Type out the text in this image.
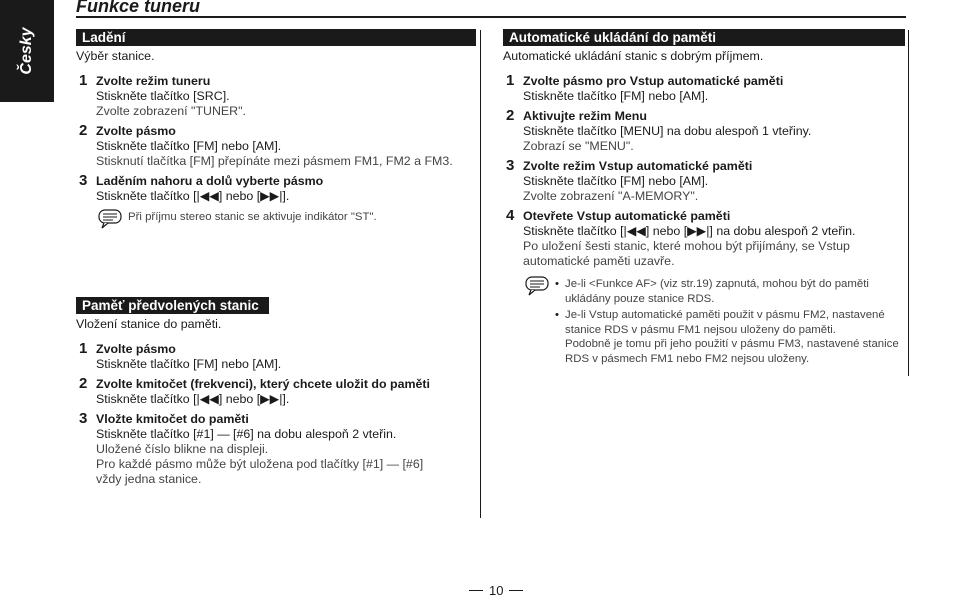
Česky
Funkce tuneru
Ladění
Výběr stanice.
1 Zvolte režim tuneru
Stiskněte tlačítko [SRC].
Zvolte zobrazení "TUNER".
2 Zvolte pásmo
Stiskněte tlačítko [FM] nebo [AM].
Stisknutí tlačítka [FM] přepínáte mezi pásmem FM1, FM2 a FM3.
3 Laděním nahoru a dolů vyberte pásmo
Stiskněte tlačítko [|◀◀] nebo [▶▶|].
Při příjmu stereo stanic se aktivuje indikátor "ST".
Paměť předvolených stanic
Vložení stanice do paměti.
1 Zvolte pásmo
Stiskněte tlačítko [FM] nebo [AM].
2 Zvolte kmitočet (frekvenci), který chcete uložit do paměti
Stiskněte tlačítko [|◀◀] nebo [▶▶|].
3 Vložte kmitočet do paměti
Stiskněte tlačítko [#1] — [#6] na dobu alespoň 2 vteřin.
Uložené číslo blikne na displeji.
Pro každé pásmo může být uložena pod tlačítky [#1] — [#6]
vždy jedna stanice.
Automatické ukládání do paměti
Automatické ukládání stanic s dobrým příjmem.
1 Zvolte pásmo pro Vstup automatické paměti
Stiskněte tlačítko [FM] nebo [AM].
2 Aktivujte režim Menu
Stiskněte tlačítko [MENU] na dobu alespoň 1 vteřiny.
Zobrazí se "MENU".
3 Zvolte režim Vstup automatické paměti
Stiskněte tlačítko [FM] nebo [AM].
Zvolte zobrazení "A-MEMORY".
4 Otevřete Vstup automatické paměti
Stiskněte tlačítko [|◀◀] nebo [▶▶|] na dobu alespoň 2 vteřin.
Po uložení šesti stanic, které mohou být přijímány, se Vstup
automatické paměti uzavře.
• Je-li <Funkce AF> (viz str.19) zapnutá, mohou být do paměti
ukládány pouze stanice RDS.
• Je-li Vstup automatické paměti použit v pásmu FM2, nastavené
stanice RDS v pásmu FM1 nejsou uloženy do paměti.
Podobně je tomu při jeho použití v pásmu FM3, nastavené stanice
RDS v pásmech FM1 nebo FM2 nejsou uloženy.
10
